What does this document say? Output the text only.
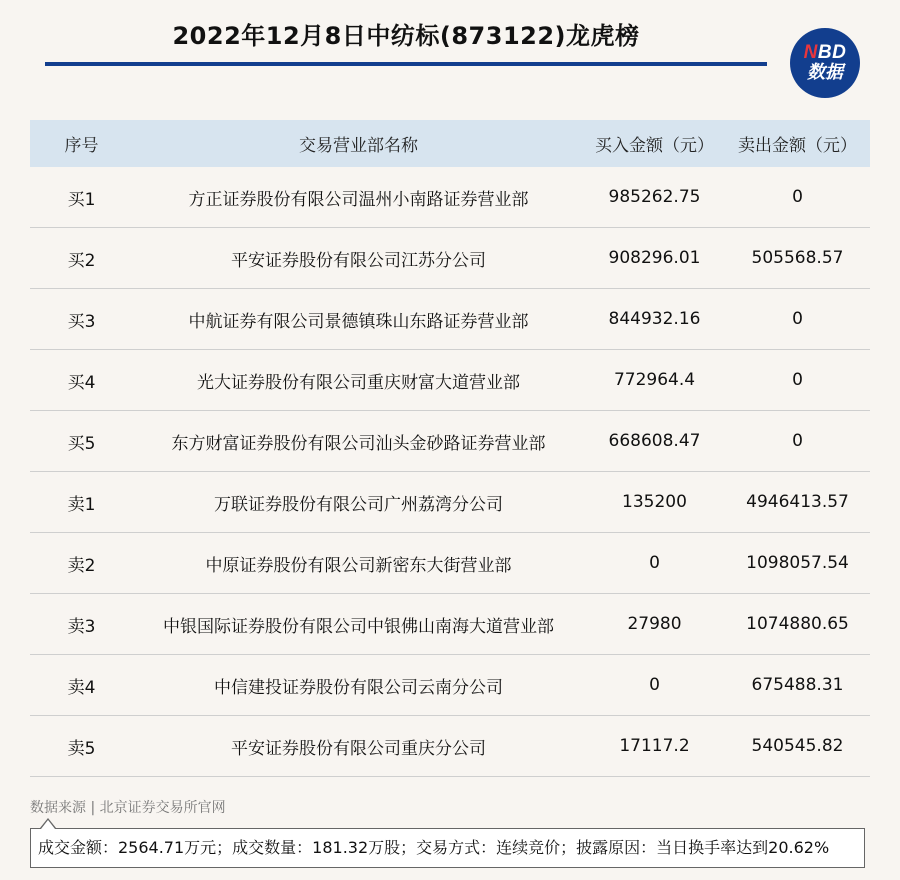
2022年12月8日中纺标(873122)龙虎榜
NBD
数据
序号	交易营业部名称	买入金额（元）	卖出金额（元）
买1	方正证券股份有限公司温州小南路证券营业部	985262.75	0
买2	平安证券股份有限公司江苏分公司	908296.01	505568.57
买3	中航证券有限公司景德镇珠山东路证券营业部	844932.16	0
买4	光大证券股份有限公司重庆财富大道营业部	772964.4	0
买5	东方财富证券股份有限公司汕头金砂路证券营业部	668608.47	0
卖1	万联证券股份有限公司广州荔湾分公司	135200	4946413.57
卖2	中原证券股份有限公司新密东大街营业部	0	1098057.54
卖3	中银国际证券股份有限公司中银佛山南海大道营业部	27980	1074880.65
卖4	中信建投证券股份有限公司云南分公司	0	675488.31
卖5	平安证券股份有限公司重庆分公司	17117.2	540545.82
数据来源 | 北京证券交易所官网
成交金额：2564.71万元；成交数量：181.32万股；交易方式：连续竞价；披露原因：当日换手率达到20.62%
